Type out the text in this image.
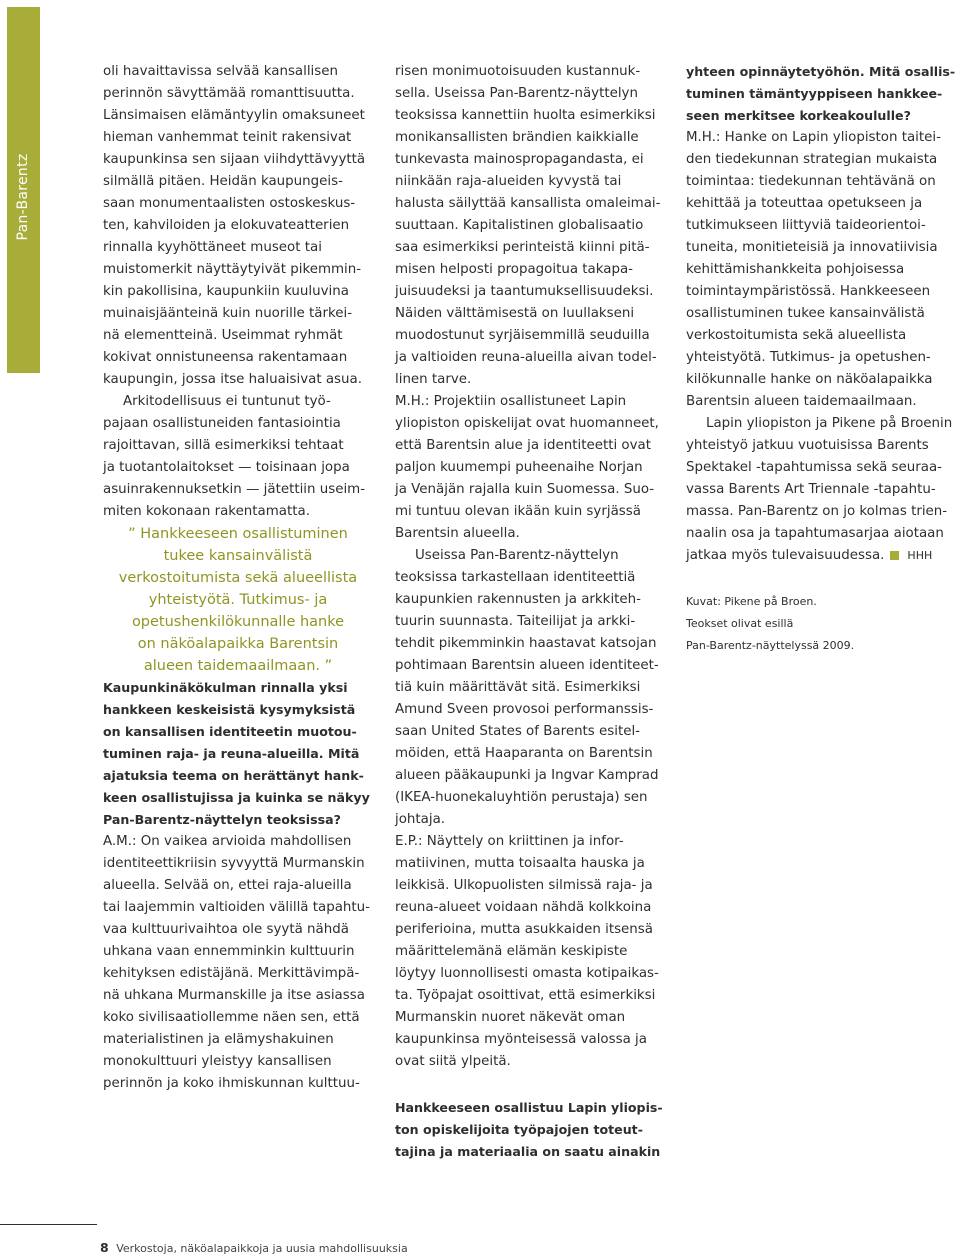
Pan-Barentz

oli havaittavissa selvää kansallisen
perinnön sävyttämää romanttisuutta.
Länsimaisen elämäntyylin omaksuneet
hieman vanhemmat teinit rakensivat
kaupunkinsa sen sijaan viihdyttävyyttä
silmällä pitäen. Heidän kaupungeis-
saan monumentaalisten ostoskeskus-
ten, kahviloiden ja elokuvateatterien
rinnalla kyyhöttäneet museot tai
muistomerkit näyttäytyivät pikemmin-
kin pakollisina, kaupunkiin kuuluvina
muinaisjäänteinä kuin nuorille tärkei-
nä elementteinä. Useimmat ryhmät
kokivat onnistuneensa rakentamaan
kaupungin, jossa itse haluaisivat asua.

Arkitodellisuus ei tuntunut työ-
pajaan osallistuneiden fantasiointia
rajoittavan, sillä esimerkiksi tehtaat
ja tuotantolaitokset — toisinaan jopa
asuinrakennuksetkin — jätettiin useim-
miten kokonaan rakentamatta.

” Hankkeeseen osallistuminen
tukee kansainvälistä
verkostoitumista sekä alueellista
yhteistyötä. Tutkimus- ja
opetushenkilökunnalle hanke
on näköalapaikka Barentsin
alueen taidemaailmaan. ”

Kaupunkinäkökulman rinnalla yksi
hankkeen keskeisistä kysymyksistä
on kansallisen identiteetin muotou-
tuminen raja- ja reuna-alueilla. Mitä
ajatuksia teema on herättänyt hank-
keen osallistujissa ja kuinka se näkyy
Pan-Barentz-näyttelyn teoksissa?

A.M.: On vaikea arvioida mahdollisen
identiteettikriisin syvyyttä Murmanskin
alueella. Selvää on, ettei raja-alueilla
tai laajemmin valtioiden välillä tapahtu-
vaa kulttuurivaihtoa ole syytä nähdä
uhkana vaan ennemminkin kulttuurin
kehityksen edistäjänä. Merkittävimpä-
nä uhkana Murmanskille ja itse asiassa
koko sivilisaatiollemme näen sen, että
materialistinen ja elämyshakuinen
monokulttuuri yleistyy kansallisen
perinnön ja koko ihmiskunnan kulttuu-

risen monimuotoisuuden kustannuk-
sella. Useissa Pan-Barentz-näyttelyn
teoksissa kannettiin huolta esimerkiksi
monikansallisten brändien kaikkialle
tunkevasta mainospropagandasta, ei
niinkään raja-alueiden kyvystä tai
halusta säilyttää kansallista omaleimai-
suuttaan. Kapitalistinen globalisaatio
saa esimerkiksi perinteistä kiinni pitä-
misen helposti propagoitua takapa-
juisuudeksi ja taantumuksellisuudeksi.
Näiden välttämisestä on luullakseni
muodostunut syrjäisemmillä seuduilla
ja valtioiden reuna-alueilla aivan todel-
linen tarve.

M.H.: Projektiin osallistuneet Lapin
yliopiston opiskelijat ovat huomanneet,
että Barentsin alue ja identiteetti ovat
paljon kuumempi puheenaihe Norjan
ja Venäjän rajalla kuin Suomessa. Suo-
mi tuntuu olevan ikään kuin syrjässä
Barentsin alueella.

Useissa Pan-Barentz-näyttelyn
teoksissa tarkastellaan identiteettiä
kaupunkien rakennusten ja arkkiteh-
tuurin suunnasta. Taiteilijat ja arkki-
tehdit pikemminkin haastavat katsojan
pohtimaan Barentsin alueen identiteet-
tiä kuin määrittävät sitä. Esimerkiksi
Amund Sveen provosoi performanssis-
saan United States of Barents esitel-
möiden, että Haaparanta on Barentsin
alueen pääkaupunki ja Ingvar Kamprad
(IKEA-huonekaluyhtiön perustaja) sen
johtaja.

E.P.: Näyttely on kriittinen ja infor-
matiivinen, mutta toisaalta hauska ja
leikkisä. Ulkopuolisten silmissä raja- ja
reuna-alueet voidaan nähdä kolkkoina
periferioina, mutta asukkaiden itsensä
määrittelemänä elämän keskipiste
löytyy luonnollisesti omasta kotipaikas-
ta. Työpajat osoittivat, että esimerkiksi
Murmanskin nuoret näkevät oman
kaupunkinsa myönteisessä valossa ja
ovat siitä ylpeitä.

Hankkeeseen osallistuu Lapin yliopis-
ton opiskelijoita työpajojen toteut-
tajina ja materiaalia on saatu ainakin

yhteen opinnäytetyöhön. Mitä osallis-
tuminen tämäntyyppiseen hankkee-
seen merkitsee korkeakoululle?

M.H.: Hanke on Lapin yliopiston taitei-
den tiedekunnan strategian mukaista
toimintaa: tiedekunnan tehtävänä on
kehittää ja toteuttaa opetukseen ja
tutkimukseen liittyviä taideorientoi-
tuneita, monitieteisiä ja innovatiivisia
kehittämishankkeita pohjoisessa
toimintaympäristössä. Hankkeeseen
osallistuminen tukee kansainvälistä
verkostoitumista sekä alueellista
yhteistyötä. Tutkimus- ja opetushen-
kilökunnalle hanke on näköalapaikka
Barentsin alueen taidemaailmaan.

Lapin yliopiston ja Pikene på Broenin
yhteistyö jatkuu vuotuisissa Barents
Spektakel -tapahtumissa sekä seuraa-
vassa Barents Art Triennale -tapahtu-
massa. Pan-Barentz on jo kolmas trien-
naalin osa ja tapahtumasarjaa aiotaan
jatkaa myös tulevaisuudessa. HHH

Kuvat: Pikene på Broen.

Teokset olivat esillä

Pan-Barentz-näyttelyssä 2009.

8 Verkostoja, näköalapaikkoja ja uusia mahdollisuuksia
